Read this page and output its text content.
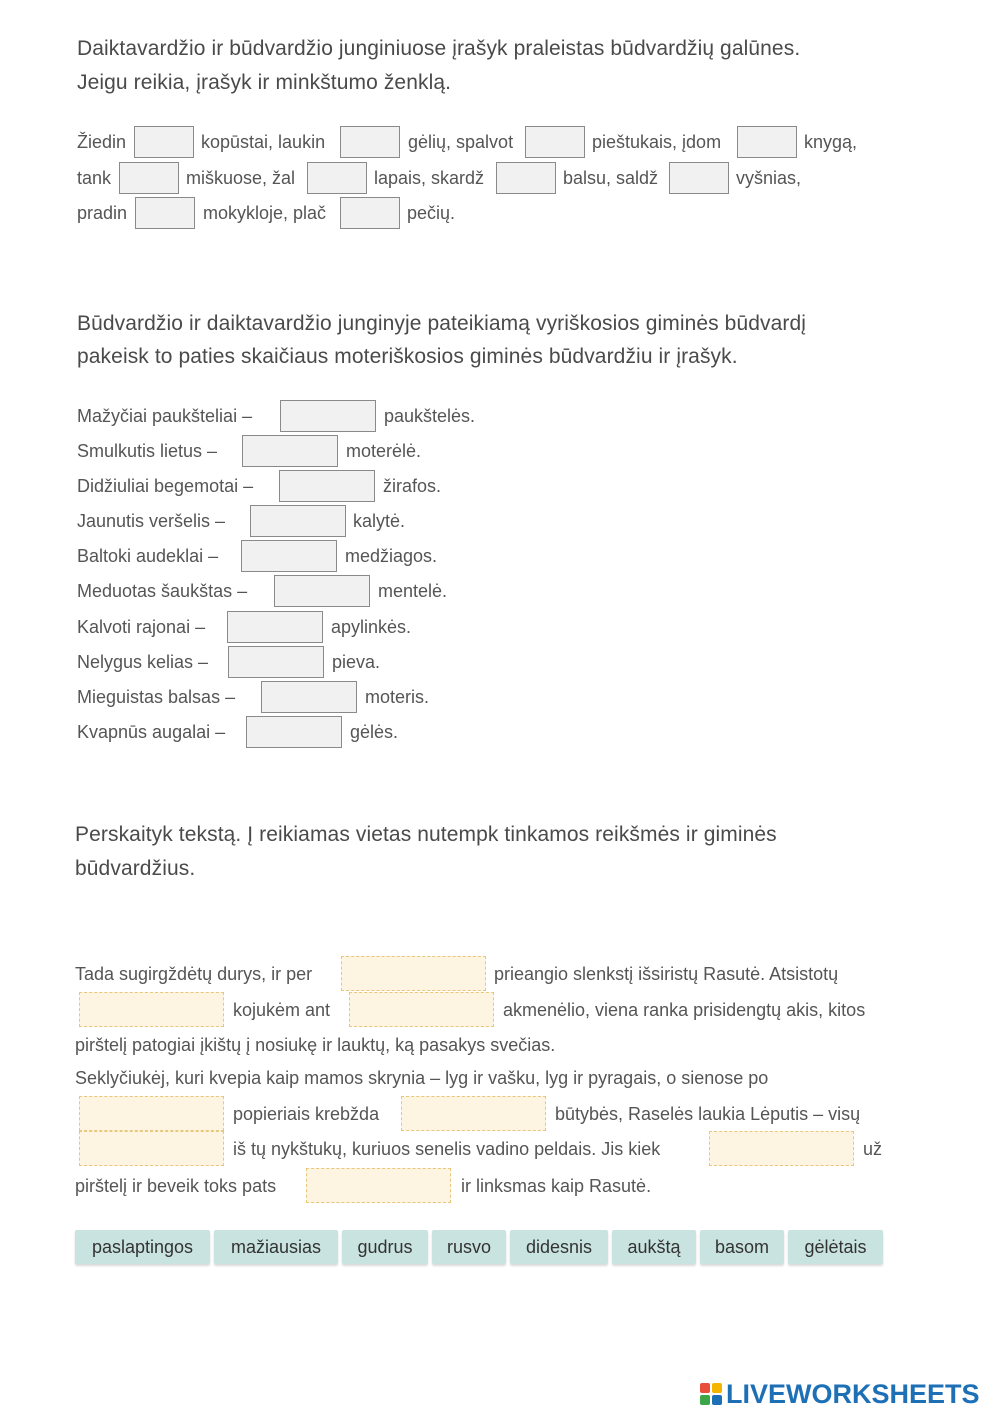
Daiktavardžio ir būdvardžio junginiuose įrašyk praleistas būdvardžių galūnes.
Jeigu reikia, įrašyk ir minkštumo ženklą.
Žiedin	kopūstai, laukin	gėlių, spalvot	pieštukais, įdom	knygą,
tank	miškuose, žal	lapais, skardž	balsu, saldž	vyšnias,
pradin	mokykloje, plač	pečių.
Būdvardžio ir daiktavardžio junginyje pateikiamą vyriškosios giminės būdvardį
pakeisk to paties skaičiaus moteriškosios giminės būdvardžiu ir įrašyk.
Mažyčiai paukšteliai –	paukštelės.
Smulkutis lietus –	moterėlė.
Didžiuliai begemotai –	žirafos.
Jaunutis veršelis –	kalytė.
Baltoki audeklai –	medžiagos.
Meduotas šaukštas –	mentelė.
Kalvoti rajonai –	apylinkės.
Nelygus kelias –	pieva.
Mieguistas balsas –	moteris.
Kvapnūs augalai –	gėlės.
Perskaityk tekstą. Į reikiamas vietas nutempk tinkamos reikšmės ir giminės
būdvardžius.
Tada sugirgždėtų durys, ir per	prieangio slenkstį išsiristų Rasutė. Atsistotų
kojukėm ant	akmenėlio, viena ranka prisidengtų akis, kitos
pirštelį patogiai įkištų į nosiukę ir lauktų, ką pasakys svečias.
Seklyčiukėj, kuri kvepia kaip mamos skrynia – lyg ir vašku, lyg ir pyragais, o sienose po
popieriais krebžda	būtybės, Raselės laukia Lėputis – visų
iš tų nykštukų, kuriuos senelis vadino peldais. Jis kiek	už
pirštelį ir beveik toks pats	ir linksmas kaip Rasutė.
paslaptingos	mažiausias	gudrus	rusvo	didesnis	aukštą	basom	gėlėtais
LIVEWORKSHEETS
